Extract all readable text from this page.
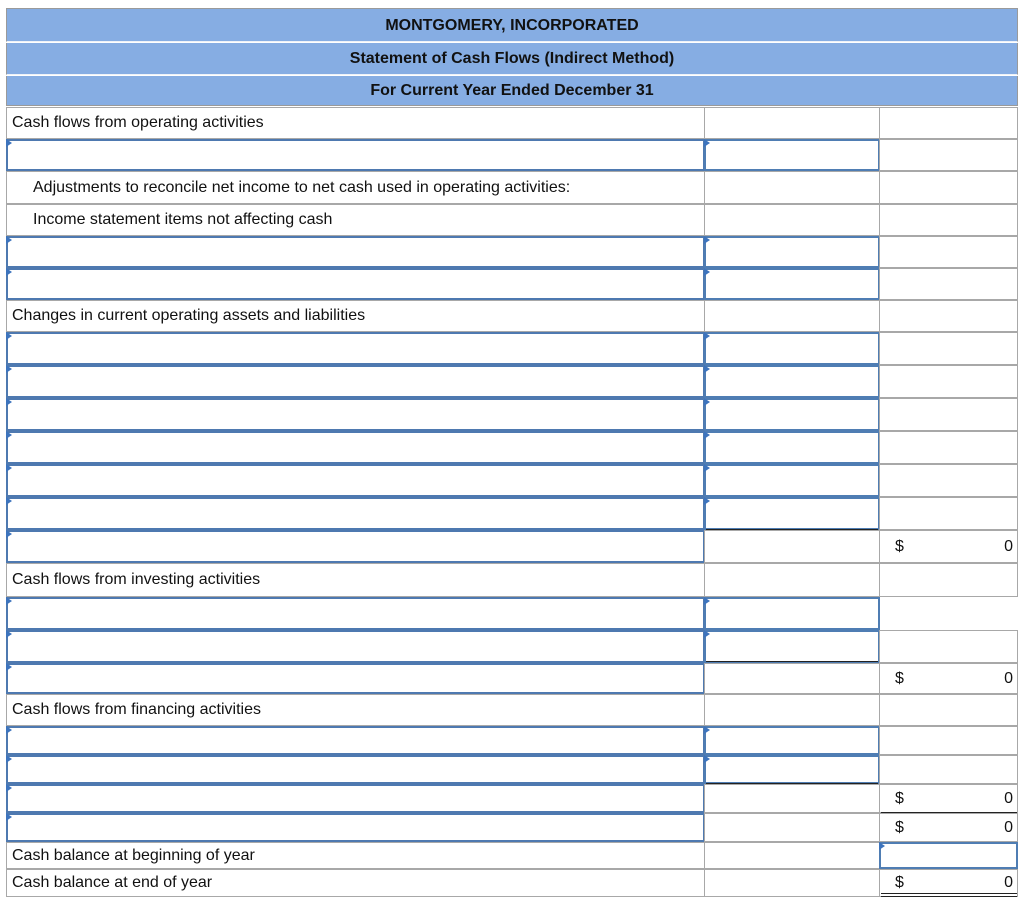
MONTGOMERY, INCORPORATED
Statement of Cash Flows (Indirect Method)
For Current Year Ended December 31
Cash flows from operating activities
Adjustments to reconcile net income to net cash used in operating activities:
Income statement items not affecting cash
Changes in current operating assets and liabilities
$	0
Cash flows from investing activities
$	0
Cash flows from financing activities
$	0
$	0
Cash balance at beginning of year
Cash balance at end of year	$	0
